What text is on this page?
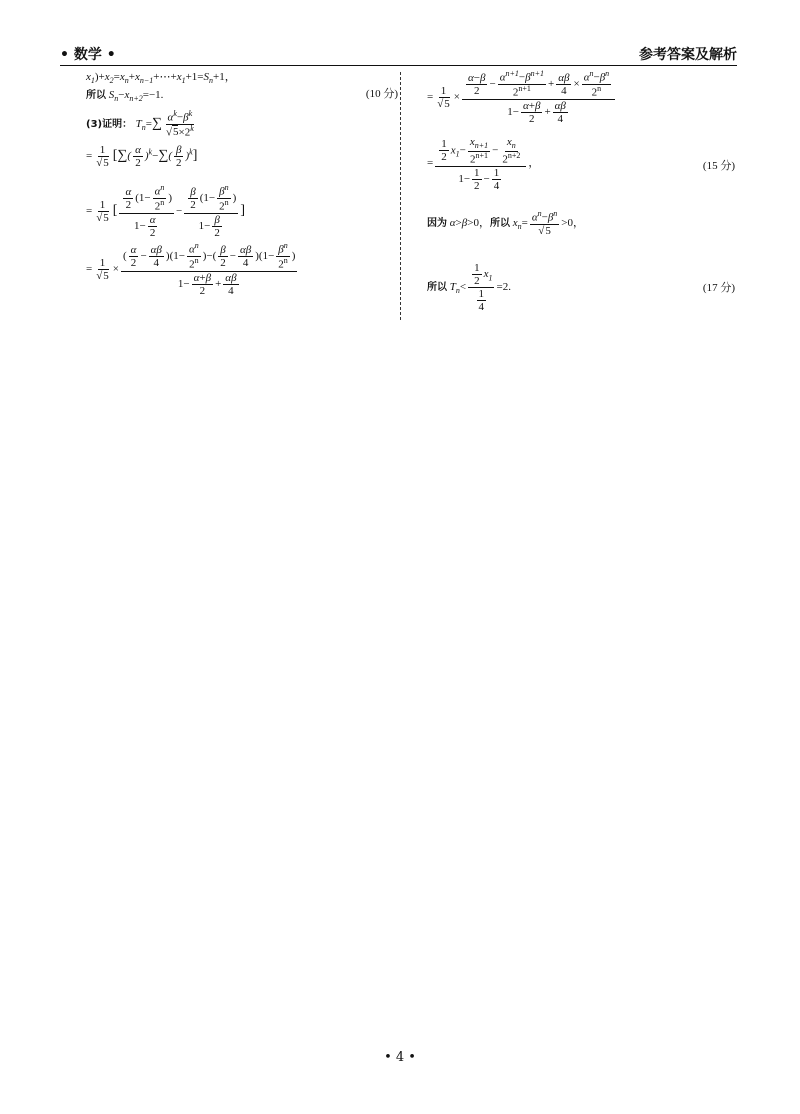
• 数学 •	参考答案及解析
$x_1)+x_2=x_n+x_{n-1}+\cdots+x_1+1=S_n+1$，
所以 $S_n-x_{n+2}=-1$.	(10 分)
(3)证明： $T_n=\sum \frac{\alpha^k-\beta^k}{√5\times 2^k}$
= $\frac{1}{√5}$ [∑( $\frac{\alpha}{2} )^k-\sum( \frac{\beta}{2} )^k$]
= $\frac{1}{√5}$ [ $\frac{\frac{\alpha}{2} (1- \frac{\alpha^n}{2^n} )}{1- \frac{\alpha}{2}} - \frac{\frac{\beta}{2} (1- \frac{\beta^n}{2^n} )}{1- \frac{\beta}{2}}$ ]
= $\frac{1}{√5} \times \frac{( \frac{\alpha}{2} - \frac{\alpha\beta}{4} )(1- \frac{\alpha^n}{2^n} )-( \frac{\beta}{2} - \frac{\alpha\beta}{4} )(1- \frac{\beta^n}{2^n} )}{1- \frac{\alpha+\beta}{2} + \frac{\alpha\beta}{4}}$
= $\frac{1}{√5} \times \frac{\frac{\alpha-\beta}{2} - \frac{\alpha^{n+1}-\beta^{n+1}}{2^{n+1}} + \frac{\alpha\beta}{4} \times \frac{\alpha^n-\beta^n}{2^n}}{1- \frac{\alpha+\beta}{2} + \frac{\alpha\beta}{4}}$
= $\frac{\frac{1}{2} x_1- \frac{x_{n+1}}{2^{n+1}} - \frac{x_n}{2^{n+2}}}{1- \frac{1}{2} - \frac{1}{4}}$ ，	(15 分)
因为 α>β>0，所以 $x_n= \frac{\alpha^n-\beta^n}{√5} >0$，
所以 $T_n< \frac{\frac{1}{2} x_1}{\frac{1}{4}} =2$.	(17 分)
• 4 •
